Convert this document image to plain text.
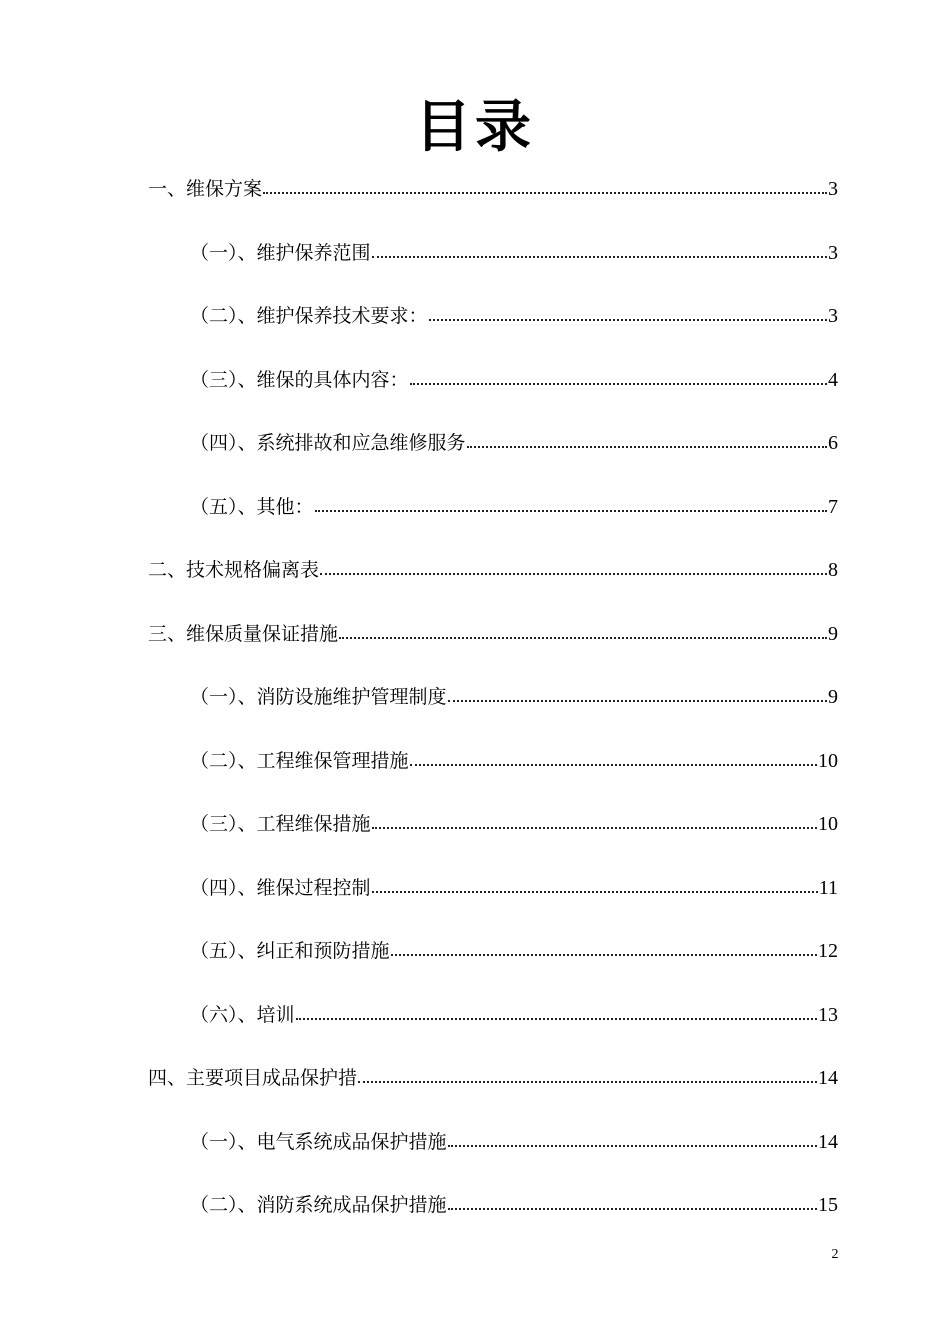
目录
一、维保方案	3
（一）、维护保养范围	3
（二）、维护保养技术要求：	3
（三）、维保的具体内容：	4
（四）、系统排故和应急维修服务	6
（五）、其他：	7
二、技术规格偏离表	8
三、维保质量保证措施	9
（一）、消防设施维护管理制度	9
（二）、工程维保管理措施	10
（三）、工程维保措施	10
（四）、维保过程控制	11
（五）、纠正和预防措施	12
（六）、培训	13
四、主要项目成品保护措	14
（一）、电气系统成品保护措施	14
（二）、消防系统成品保护措施	15
2
